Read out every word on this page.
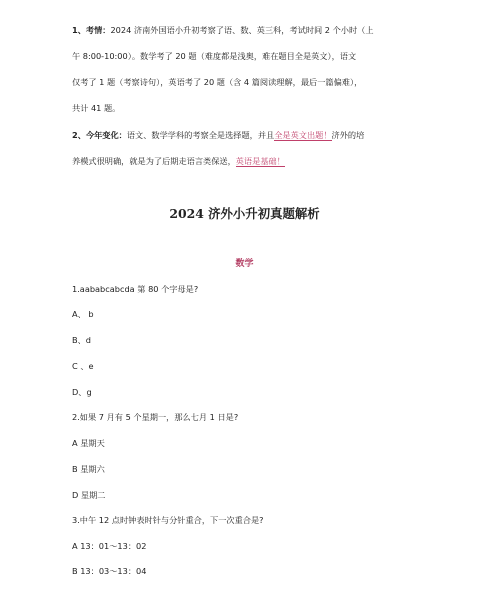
1、考情：2024 济南外国语小升初考察了语、数、英三科，考试时间 2 个小时（上

午 8:00-10:00）。数学考了 20 题（难度都是浅奥，难在题目全是英文），语文

仅考了 1 题（考察诗句），英语考了 20 题（含 4 篇阅读理解，最后一篇偏难），

共计 41 题。

2、今年变化：语文、数学学科的考察全是选择题，并且全是英文出题！济外的培

养模式很明确，就是为了后期走语言类保送，英语是基础！

2024 济外小升初真题解析
数学

1.aababcabcda 第 80 个字母是?

A、 b

B、d

C 、e

D、g

2.如果 7 月有 5 个星期一，那么七月 1 日是?

A 星期天

B 星期六

D 星期二

3.中午 12 点时钟表时针与分针重合，下一次重合是?

A 13：01～13：02

B 13：03～13：04
